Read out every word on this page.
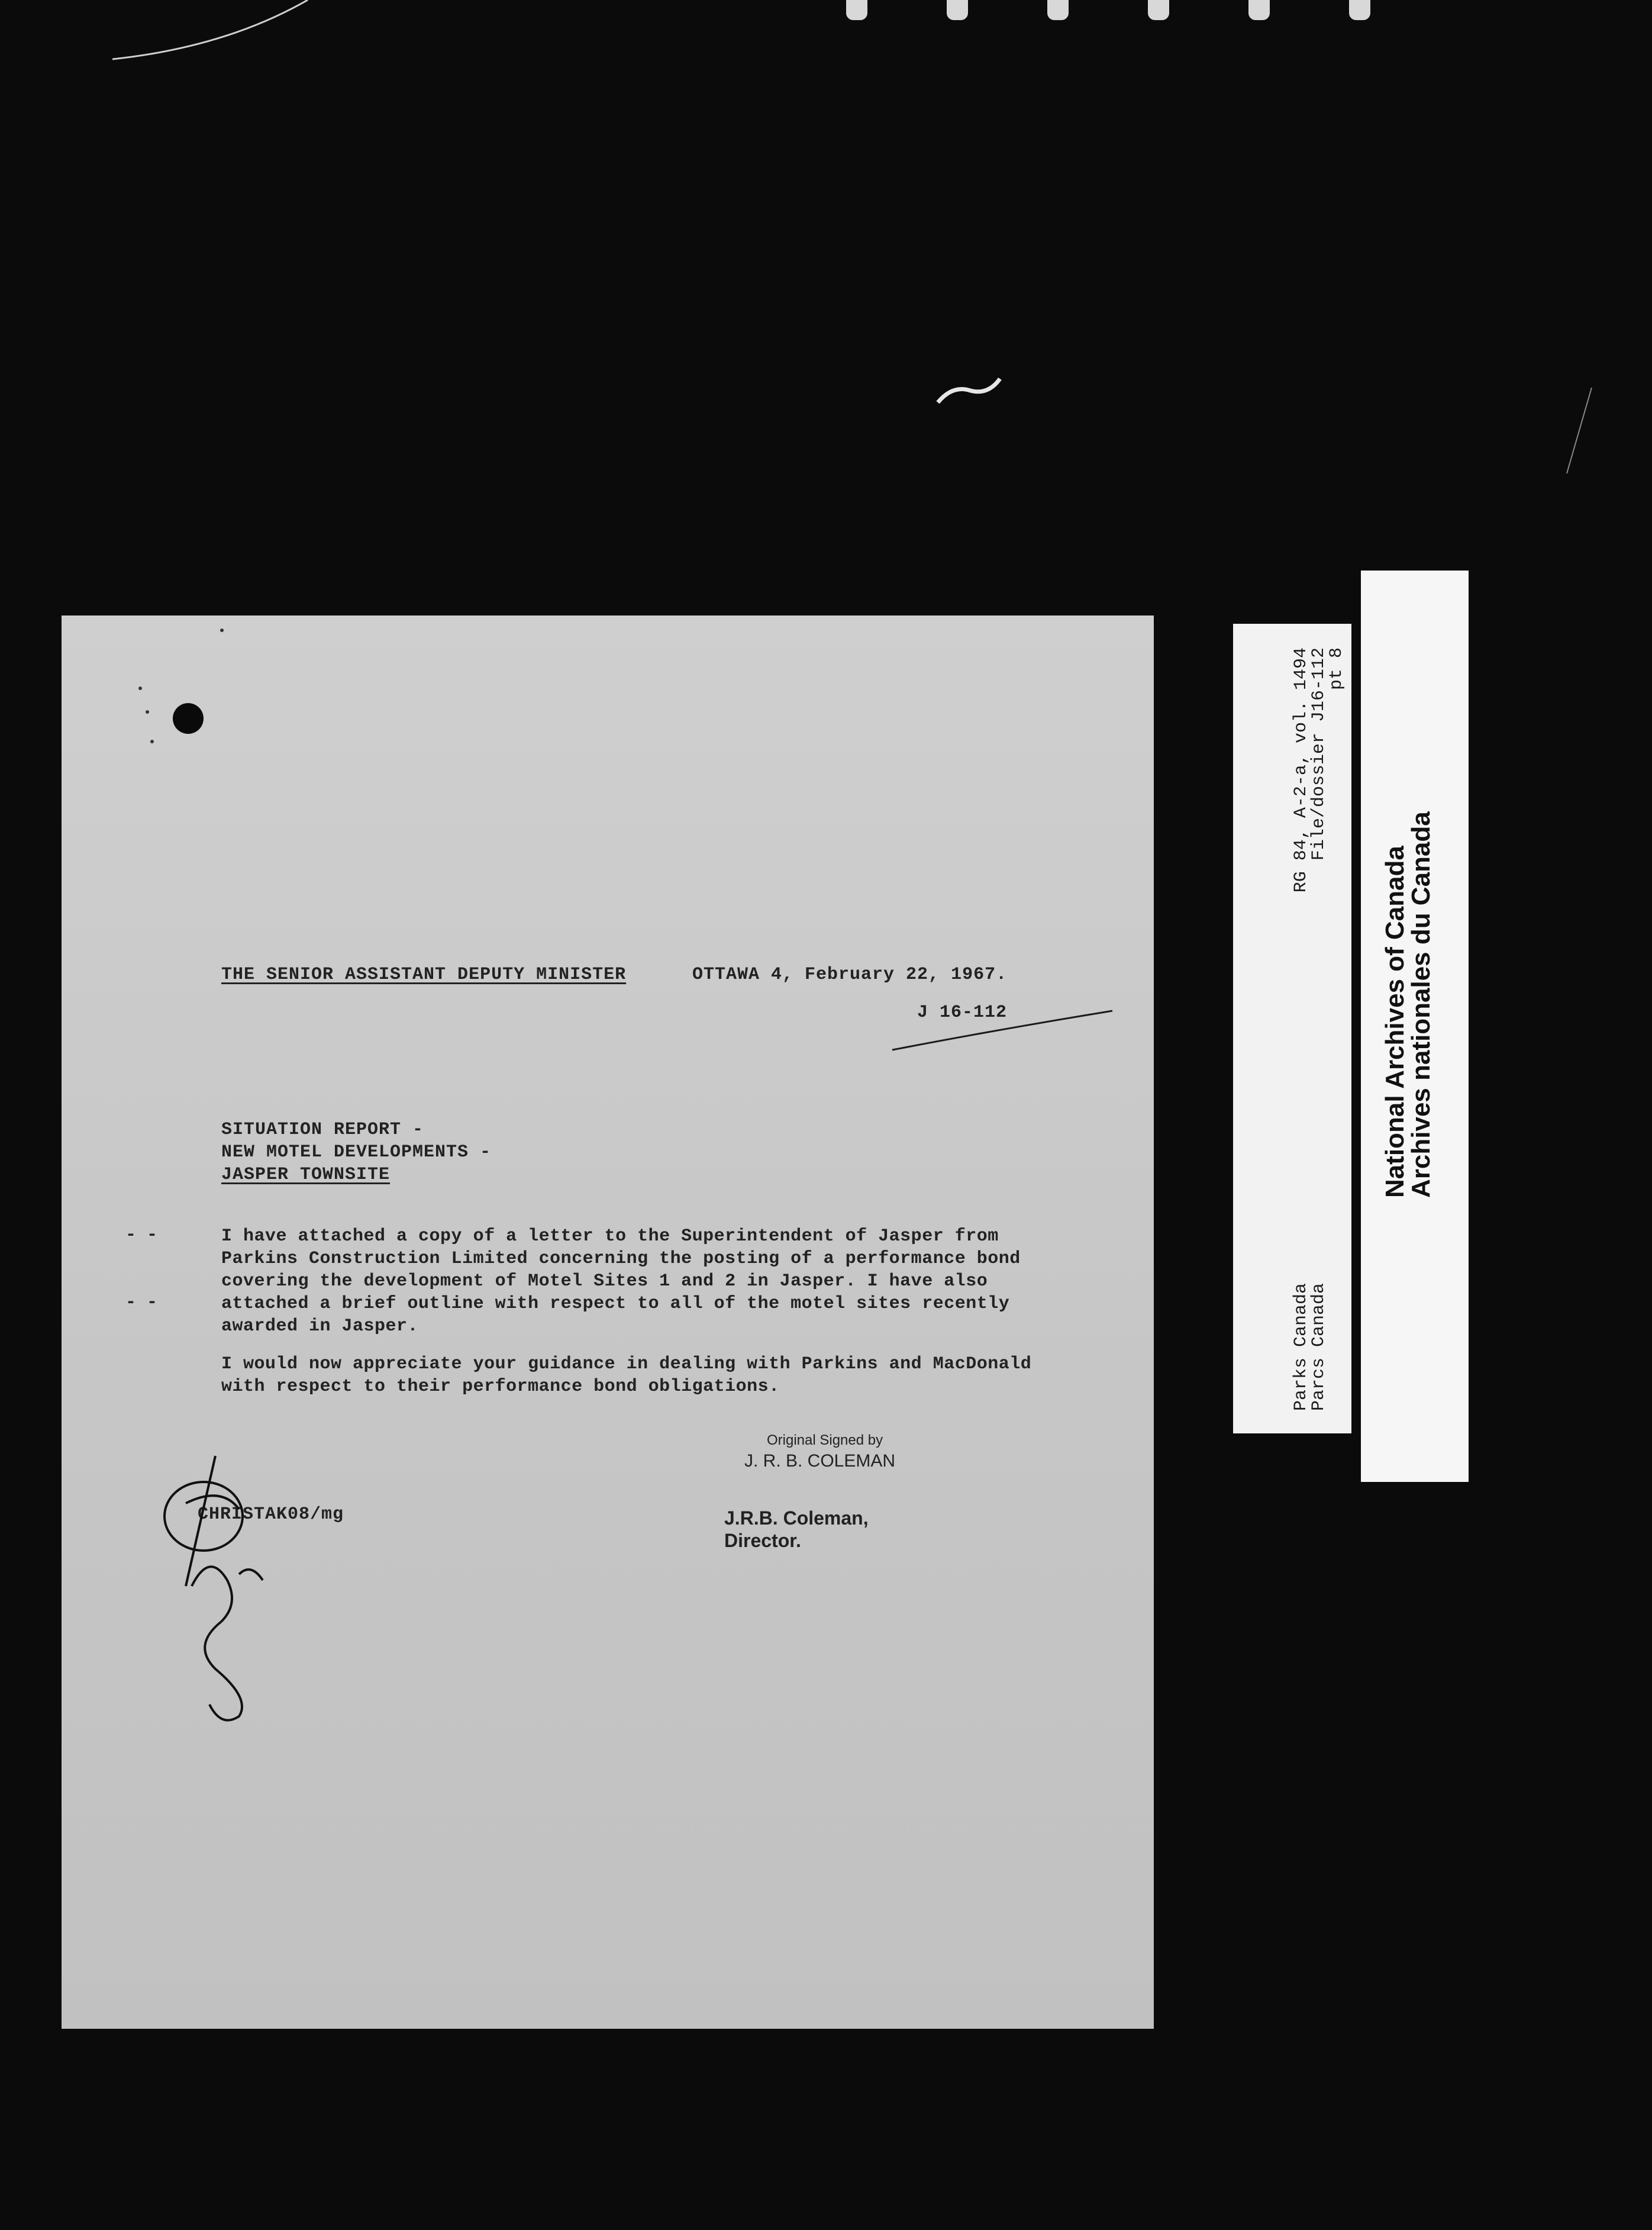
THE SENIOR ASSISTANT DEPUTY MINISTER	OTTAWA 4, February 22, 1967.
J 16-112
SITUATION REPORT -
NEW MOTEL DEVELOPMENTS -
JASPER TOWNSITE
- -
- -
I have attached a copy of a letter to the Superintendent of Jasper from
Parkins Construction Limited concerning the posting of a performance bond
covering the development of Motel Sites 1 and 2 in Jasper. I have also
attached a brief outline with respect to all of the motel sites recently
awarded in Jasper.
I would now appreciate your guidance in dealing with Parkins and MacDonald
with respect to their performance bond obligations.
Original Signed by
J. R. B. COLEMAN
J.R.B. Coleman,
Director.
CHRISTAK08/mg
Parks Canada
RG 84, A-2-a, vol. 1494
Parcs Canada
File/dossier J16-112
pt 8
National Archives of Canada
Archives nationales du Canada
